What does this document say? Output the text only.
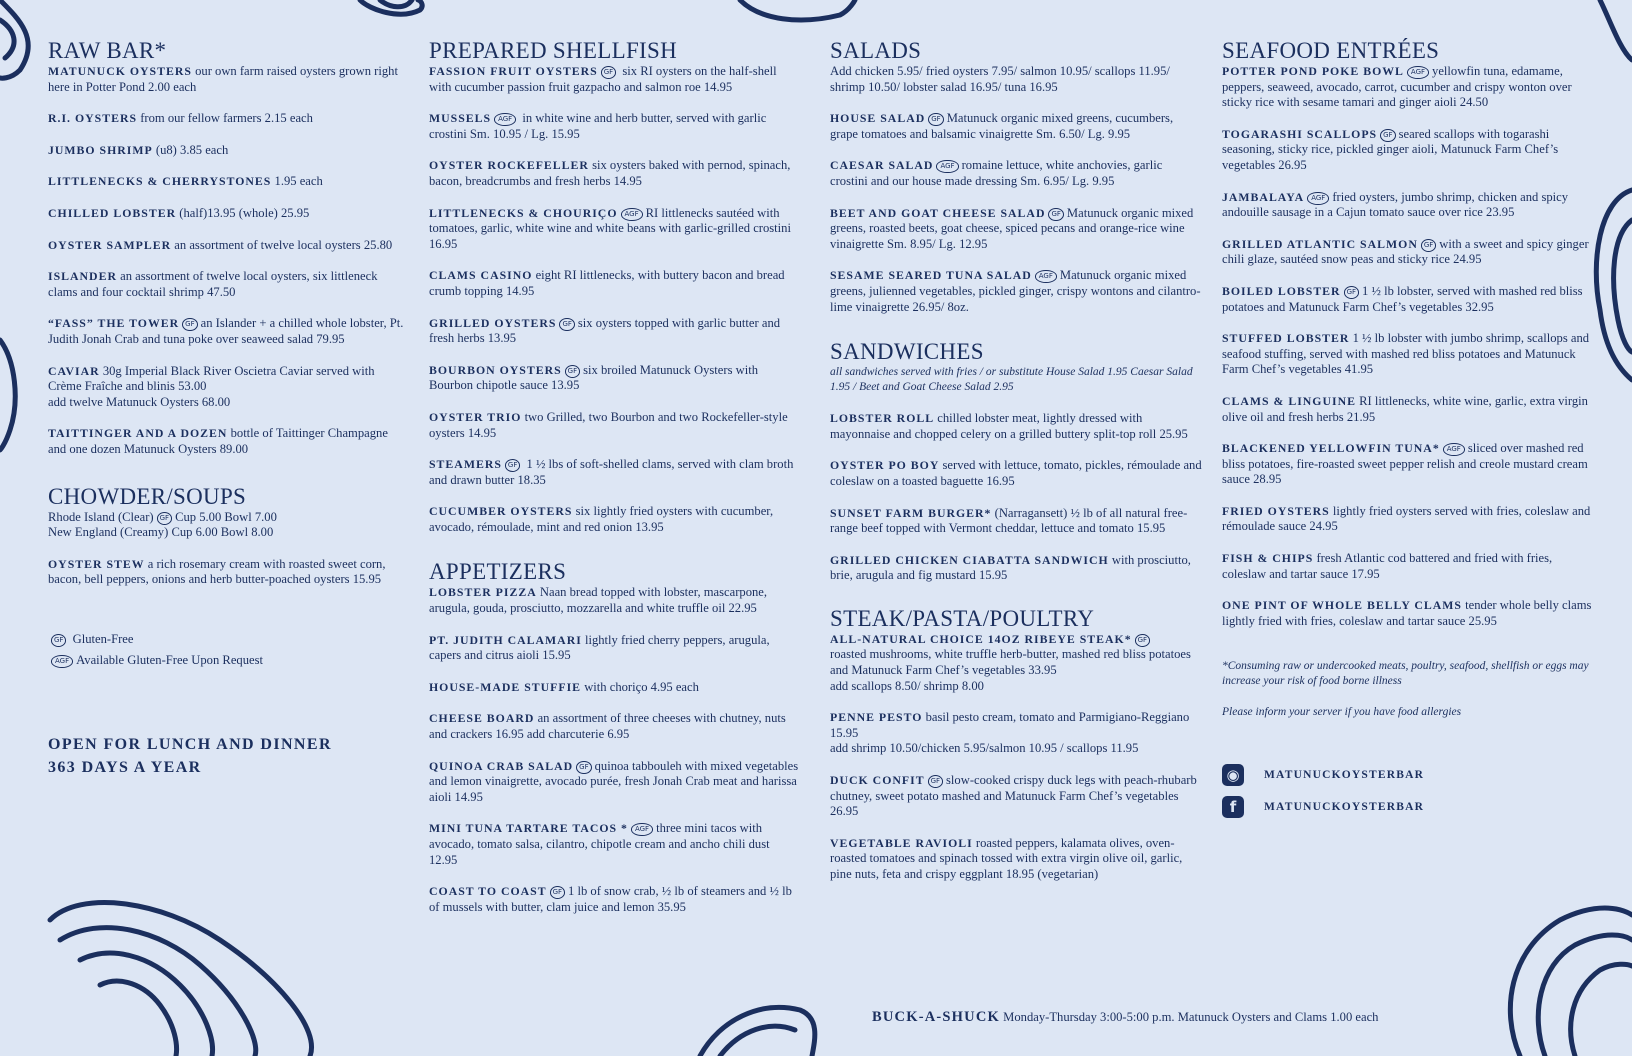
RAW BAR*
MATUNUCK OYSTERS our own farm raised oysters grown right here in Potter Pond 2.00 each
R.I. OYSTERS from our fellow farmers 2.15 each
JUMBO SHRIMP (u8) 3.85 each
LITTLENECKS & CHERRYSTONES 1.95 each
CHILLED LOBSTER (half)13.95 (whole) 25.95
OYSTER SAMPLER an assortment of twelve local oysters 25.80
ISLANDER an assortment of twelve local oysters, six littleneck clams and four cocktail shrimp 47.50
“FASS” THE TOWER GF an Islander + a chilled whole lobster, Pt. Judith Jonah Crab and tuna poke over seaweed salad 79.95
CAVIAR 30g Imperial Black River Oscietra Caviar served with Crème Fraîche and blinis 53.00
add twelve Matunuck Oysters 68.00
TAITTINGER AND A DOZEN bottle of Taittinger Champagne and one dozen Matunuck Oysters 89.00
CHOWDER/SOUPS
Rhode Island (Clear) GF Cup 5.00 Bowl 7.00
New England (Creamy) Cup 6.00 Bowl 8.00
OYSTER STEW a rich rosemary cream with roasted sweet corn, bacon, bell peppers, onions and herb butter-poached oysters 15.95
GF Gluten-Free
AGF Available Gluten-Free Upon Request
OPEN FOR LUNCH AND DINNER
363 DAYS A YEAR
PREPARED SHELLFISH
FASSION FRUIT OYSTERS GF six RI oysters on the half-shell with cucumber passion fruit gazpacho and salmon roe 14.95
MUSSELS AGF in white wine and herb butter, served with garlic crostini Sm. 10.95 / Lg. 15.95
OYSTER ROCKEFELLER six oysters baked with pernod, spinach, bacon, breadcrumbs and fresh herbs 14.95
LITTLENECKS & CHOURIÇO AGF RI littlenecks sautéed with tomatoes, garlic, white wine and white beans with garlic-grilled crostini 16.95
CLAMS CASINO eight RI littlenecks, with buttery bacon and bread crumb topping 14.95
GRILLED OYSTERS GF six oysters topped with garlic butter and fresh herbs 13.95
BOURBON OYSTERS GF six broiled Matunuck Oysters with Bourbon chipotle sauce 13.95
OYSTER TRIO two Grilled, two Bourbon and two Rockefeller-style oysters 14.95
STEAMERS GF 1 ½ lbs of soft-shelled clams, served with clam broth and drawn butter 18.35
CUCUMBER OYSTERS six lightly fried oysters with cucumber, avocado, rémoulade, mint and red onion 13.95
APPETIZERS
LOBSTER PIZZA Naan bread topped with lobster, mascarpone, arugula, gouda, prosciutto, mozzarella and white truffle oil 22.95
PT. JUDITH CALAMARI lightly fried cherry peppers, arugula, capers and citrus aioli 15.95
HOUSE-MADE STUFFIE with choriço 4.95 each
CHEESE BOARD an assortment of three cheeses with chutney, nuts and crackers 16.95 add charcuterie 6.95
QUINOA CRAB SALAD GF quinoa tabbouleh with mixed vegetables and lemon vinaigrette, avocado purée, fresh Jonah Crab meat and harissa aioli 14.95
MINI TUNA TARTARE TACOS * AGF three mini tacos with avocado, tomato salsa, cilantro, chipotle cream and ancho chili dust 12.95
COAST TO COAST GF 1 lb of snow crab, ½ lb of steamers and ½ lb of mussels with butter, clam juice and lemon 35.95
SALADS
Add chicken 5.95/ fried oysters 7.95/ salmon 10.95/ scallops 11.95/ shrimp 10.50/ lobster salad 16.95/ tuna 16.95
HOUSE SALAD GF Matunuck organic mixed greens, cucumbers, grape tomatoes and balsamic vinaigrette Sm. 6.50/ Lg. 9.95
CAESAR SALAD AGF romaine lettuce, white anchovies, garlic crostini and our house made dressing Sm. 6.95/ Lg. 9.95
BEET AND GOAT CHEESE SALAD GF Matunuck organic mixed greens, roasted beets, goat cheese, spiced pecans and orange-rice wine vinaigrette Sm. 8.95/ Lg. 12.95
SESAME SEARED TUNA SALAD AGF Matunuck organic mixed greens, julienned vegetables, pickled ginger, crispy wontons and cilantro-lime vinaigrette 26.95/ 8oz.
SANDWICHES
all sandwiches served with fries / or substitute House Salad 1.95 Caesar Salad 1.95 / Beet and Goat Cheese Salad 2.95
LOBSTER ROLL chilled lobster meat, lightly dressed with mayonnaise and chopped celery on a grilled buttery split-top roll 25.95
OYSTER PO BOY served with lettuce, tomato, pickles, rémoulade and coleslaw on a toasted baguette 16.95
SUNSET FARM BURGER* (Narragansett) ½ lb of all natural free-range beef topped with Vermont cheddar, lettuce and tomato 15.95
GRILLED CHICKEN CIABATTA SANDWICH with prosciutto, brie, arugula and fig mustard 15.95
STEAK/PASTA/POULTRY
ALL-NATURAL CHOICE 14OZ RIBEYE STEAK* GF
roasted mushrooms, white truffle herb-butter, mashed red bliss potatoes and Matunuck Farm Chef’s vegetables 33.95
add scallops 8.50/ shrimp 8.00
PENNE PESTO basil pesto cream, tomato and Parmigiano-Reggiano 15.95
add shrimp 10.50/chicken 5.95/salmon 10.95 / scallops 11.95
DUCK CONFIT GF slow-cooked crispy duck legs with peach-rhubarb chutney, sweet potato mashed and Matunuck Farm Chef’s vegetables 26.95
VEGETABLE RAVIOLI roasted peppers, kalamata olives, oven-roasted tomatoes and spinach tossed with extra virgin olive oil, garlic, pine nuts, feta and crispy eggplant 18.95 (vegetarian)
SEAFOOD ENTRÉES
POTTER POND POKE BOWL AGF yellowfin tuna, edamame, peppers, seaweed, avocado, carrot, cucumber and crispy wonton over sticky rice with sesame tamari and ginger aioli 24.50
TOGARASHI SCALLOPS GF seared scallops with togarashi seasoning, sticky rice, pickled ginger aioli, Matunuck Farm Chef’s vegetables 26.95
JAMBALAYA AGF fried oysters, jumbo shrimp, chicken and spicy andouille sausage in a Cajun tomato sauce over rice 23.95
GRILLED ATLANTIC SALMON GF with a sweet and spicy ginger chili glaze, sautéed snow peas and sticky rice 24.95
BOILED LOBSTER GF 1 ½ lb lobster, served with mashed red bliss potatoes and Matunuck Farm Chef’s vegetables 32.95
STUFFED LOBSTER 1 ½ lb lobster with jumbo shrimp, scallops and seafood stuffing, served with mashed red bliss potatoes and Matunuck Farm Chef’s vegetables 41.95
CLAMS & LINGUINE RI littlenecks, white wine, garlic, extra virgin olive oil and fresh herbs 21.95
BLACKENED YELLOWFIN TUNA* AGF sliced over mashed red bliss potatoes, fire-roasted sweet pepper relish and creole mustard cream sauce 28.95
FRIED OYSTERS lightly fried oysters served with fries, coleslaw and rémoulade sauce 24.95
FISH & CHIPS fresh Atlantic cod battered and fried with fries, coleslaw and tartar sauce 17.95
ONE PINT OF WHOLE BELLY CLAMS tender whole belly clams lightly fried with fries, coleslaw and tartar sauce 25.95
*Consuming raw or undercooked meats, poultry, seafood, shellfish or eggs may increase your risk of food borne illness
Please inform your server if you have food allergies
◉	MATUNUCKOYSTERBAR
f	MATUNUCKOYSTERBAR
BUCK-A-SHUCK Monday-Thursday 3:00-5:00 p.m. Matunuck Oysters and Clams 1.00 each
